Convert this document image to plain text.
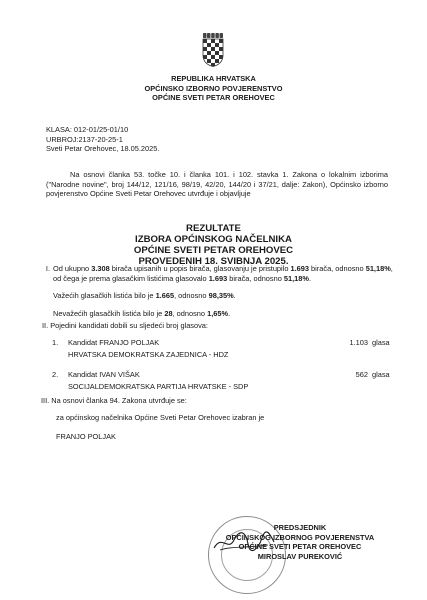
REPUBLIKA HRVATSKA
OPĆINSKO IZBORNO POVJERENSTVO
OPĆINE SVETI PETAR OREHOVEC
KLASA: 012-01/25-01/10
URBROJ:2137-20-25-1
Sveti Petar Orehovec, 18.05.2025.
Na osnovi članka 53. točke 10. i članka 101. i 102. stavka 1. Zakona o lokalnim izborima ("Narodne novine", broj 144/12, 121/16, 98/19, 42/20, 144/20 i 37/21, dalje: Zakon), Općinsko izborno povjerenstvo Općine Sveti Petar Orehovec utvrđuje i objavljuje
REZULTATE
IZBORA OPĆINSKOG NAČELNIKA
OPĆINE SVETI PETAR OREHOVEC
PROVEDENIH 18. SVIBNJA 2025.
I. Od ukupno 3.308 birača upisanih u popis birača, glasovanju je pristupilo 1.693 birača, odnosno 51,18%,
od čega je prema glasačkim listićima glasovalo 1.693 birača, odnosno 51,18%.
Važećih glasačkih listića bilo je 1.665, odnosno 98,35%.
Nevažećih glasačkih listića bilo je 28, odnosno 1,65%.
II. Pojedini kandidati dobili su sljedeći broj glasova:
1.	Kandidat FRANJO POLJAK	1.103 glasa
HRVATSKA DEMOKRATSKA ZAJEDNICA - HDZ
2.	Kandidat IVAN VIŠAK	562 glasa
SOCIJALDEMOKRATSKA PARTIJA HRVATSKE - SDP
III. Na osnovi članka 94. Zakona utvrđuje se:
za općinskog načelnika Općine Sveti Petar Orehovec izabran je
FRANJO POLJAK
PREDSJEDNIK
OPĆINSKOG IZBORNOG POVJERENSTVA
OPĆINE SVETI PETAR OREHOVEC
MIROSLAV PUREKOVIĆ
